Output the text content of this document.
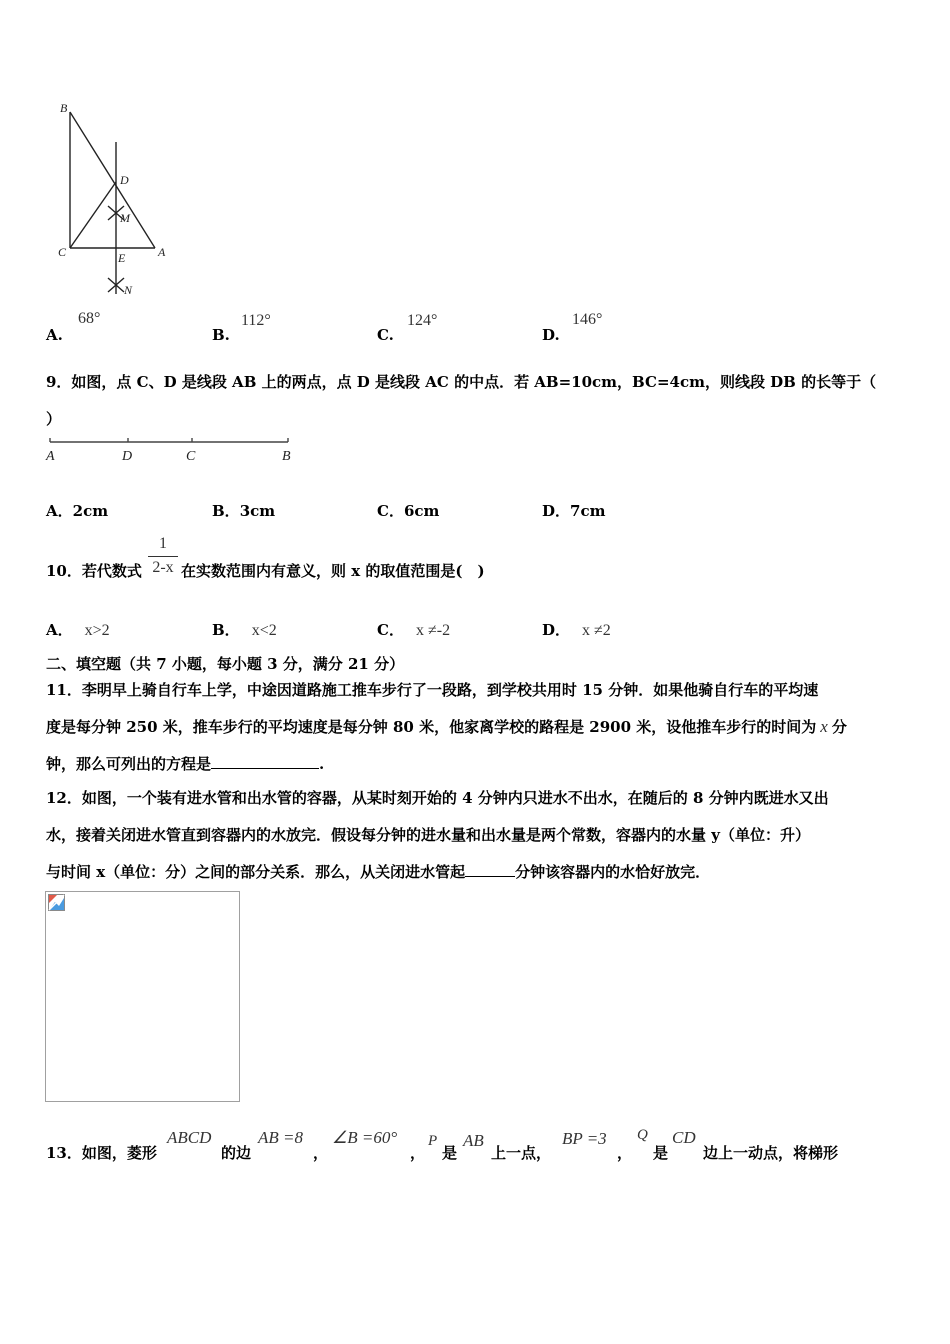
B
D
M
C	A
E
N
A.
68°
B.
112°
C.
124°
D.
146°
9．如图，点 C、D 是线段 AB 上的两点，点 D 是线段 AC 的中点．若 AB=10cm，BC=4cm，则线段 DB 的长等于（
）
A	D	C	B
A．2cm	B．3cm	C．6cm	D．7cm
10．若代数式
1
2-x 在实数范围内有意义，则 x 的取值范围是(　)
A． x>2	B． x<2	C． x ≠-2	D． x ≠2
二、填空题（共 7 小题，每小题 3 分，满分 21 分）
11．李明早上骑自行车上学，中途因道路施工推车步行了一段路，到学校共用时 15 分钟．如果他骑自行车的平均速
度是每分钟 250 米，推车步行的平均速度是每分钟 80 米，他家离学校的路程是 2900 米，设他推车步行的时间为 x 分
钟，那么可列出的方程是	.
12．如图，一个装有进水管和出水管的容器，从某时刻开始的 4 分钟内只进水不出水，在随后的 8 分钟内既进水又出
水，接着关闭进水管直到容器内的水放完．假设每分钟的进水量和出水量是两个常数，容器内的水量 y（单位：升）
与时间 x（单位：分）之间的部分关系．那么，从关闭进水管起	分钟该容器内的水恰好放完．
13．如图，菱形
ABCD
的边
AB =8
，
∠B =60°
，
P
是
AB
上一点，
BP =3
，
Q
是
CD
边上一动点，将梯形
